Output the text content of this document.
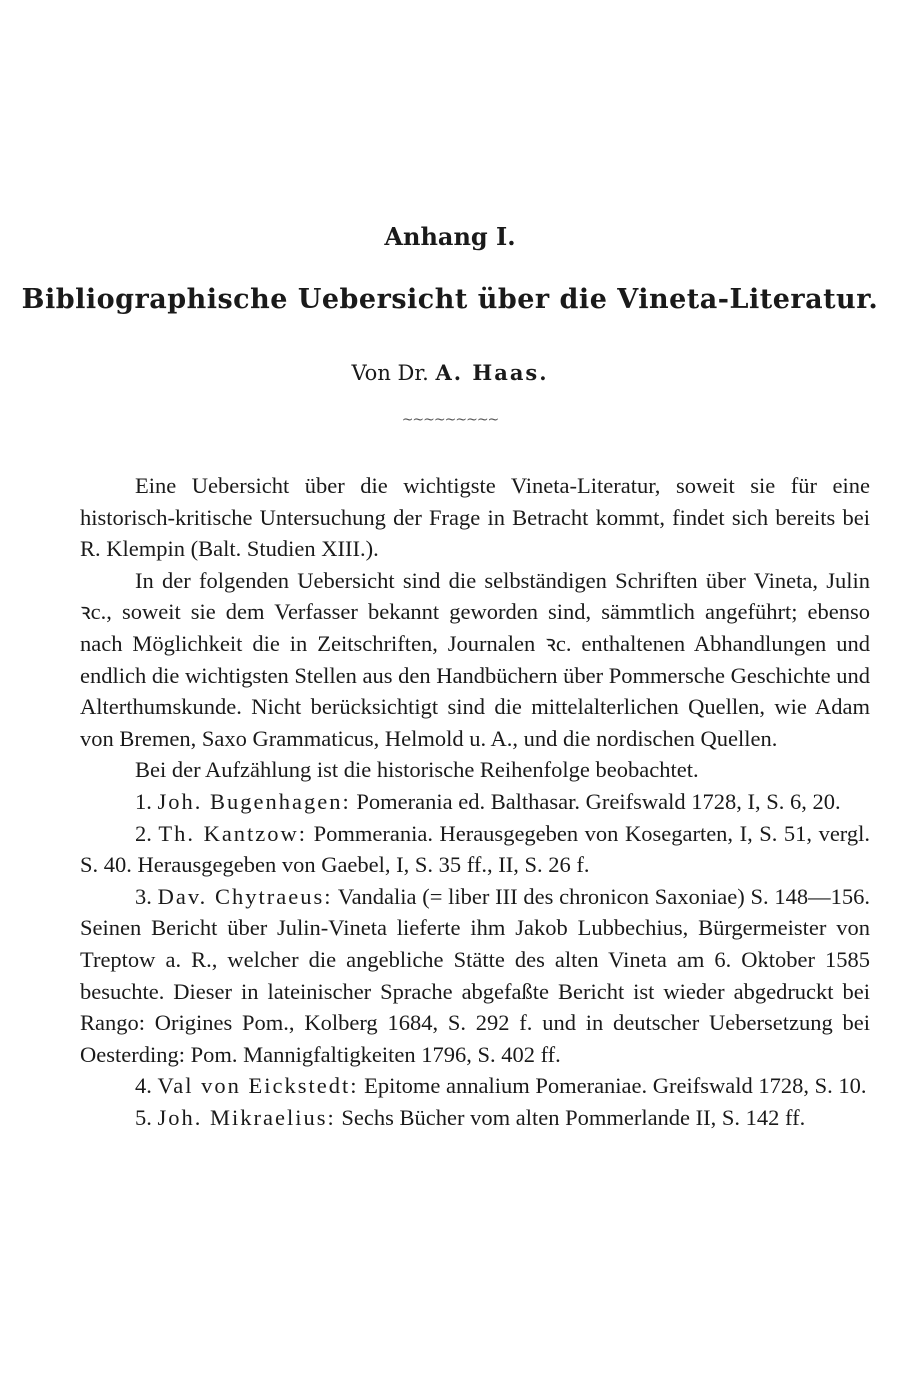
Anhang I.
Bibliographische Uebersicht über die Vineta-Literatur.
Von Dr. A. Haas.
~~~~~~~~~

Eine Uebersicht über die wichtigste Vineta-Literatur, soweit sie für eine historisch-kritische Untersuchung der Frage in Betracht kommt, findet sich bereits bei R. Klempin (Balt. Studien XIII.).

In der folgenden Uebersicht sind die selbständigen Schriften über Vineta, Julin ꝛc., soweit sie dem Verfasser bekannt geworden sind, sämmtlich angeführt; ebenso nach Möglichkeit die in Zeitschriften, Journalen ꝛc. enthaltenen Abhandlungen und endlich die wichtigsten Stellen aus den Handbüchern über Pommersche Geschichte und Alterthumskunde. Nicht berücksichtigt sind die mittelalterlichen Quellen, wie Adam von Bremen, Saxo Grammaticus, Helmold u. A., und die nordischen Quellen.

Bei der Aufzählung ist die historische Reihenfolge beobachtet.

1. Joh. Bugenhagen: Pomerania ed. Balthasar. Greifswald 1728, I, S. 6, 20.

2. Th. Kantzow: Pommerania. Herausgegeben von Kosegarten, I, S. 51, vergl. S. 40. Herausgegeben von Gaebel, I, S. 35 ff., II, S. 26 f.

3. Dav. Chytraeus: Vandalia (= liber III des chronicon Saxoniae) S. 148—156. Seinen Bericht über Julin-Vineta lieferte ihm Jakob Lubbechius, Bürgermeister von Treptow a. R., welcher die angebliche Stätte des alten Vineta am 6. Oktober 1585 besuchte. Dieser in lateinischer Sprache abgefaßte Bericht ist wieder abgedruckt bei Rango: Origines Pom., Kolberg 1684, S. 292 f. und in deutscher Uebersetzung bei Oesterding: Pom. Mannigfaltigkeiten 1796, S. 402 ff.

4. Val von Eickstedt: Epitome annalium Pomeraniae. Greifswald 1728, S. 10.

5. Joh. Mikraelius: Sechs Bücher vom alten Pommerlande II, S. 142 ff.
